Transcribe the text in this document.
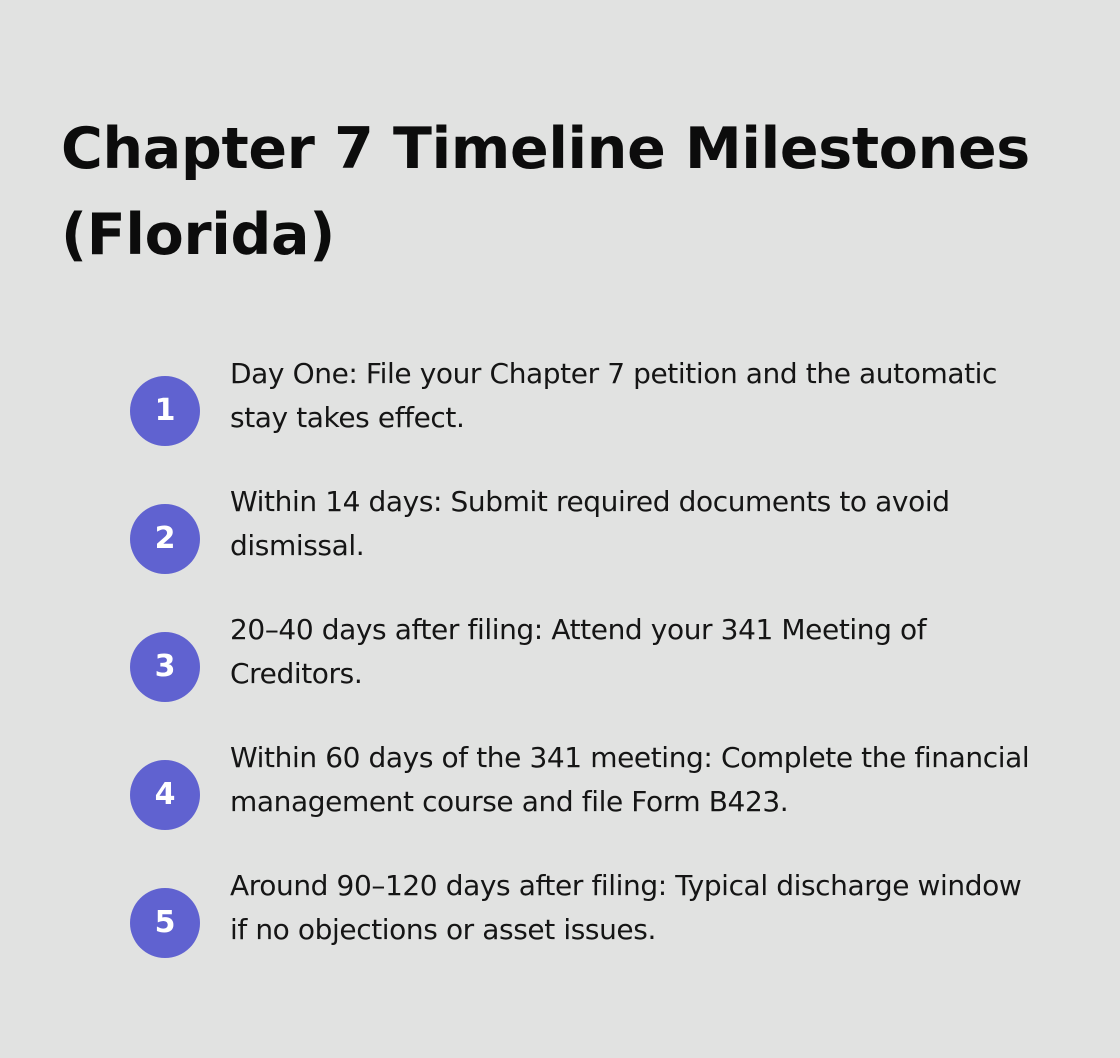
Chapter 7 Timeline Milestones (Florida)
1
Day One: File your Chapter 7 petition and the automatic stay takes effect.
2
Within 14 days: Submit required documents to avoid dismissal.
3
20–40 days after filing: Attend your 341 Meeting of Creditors.
4
Within 60 days of the 341 meeting: Complete the financial management course and file Form B423.
5
Around 90–120 days after filing: Typical discharge window if no objections or asset issues.
